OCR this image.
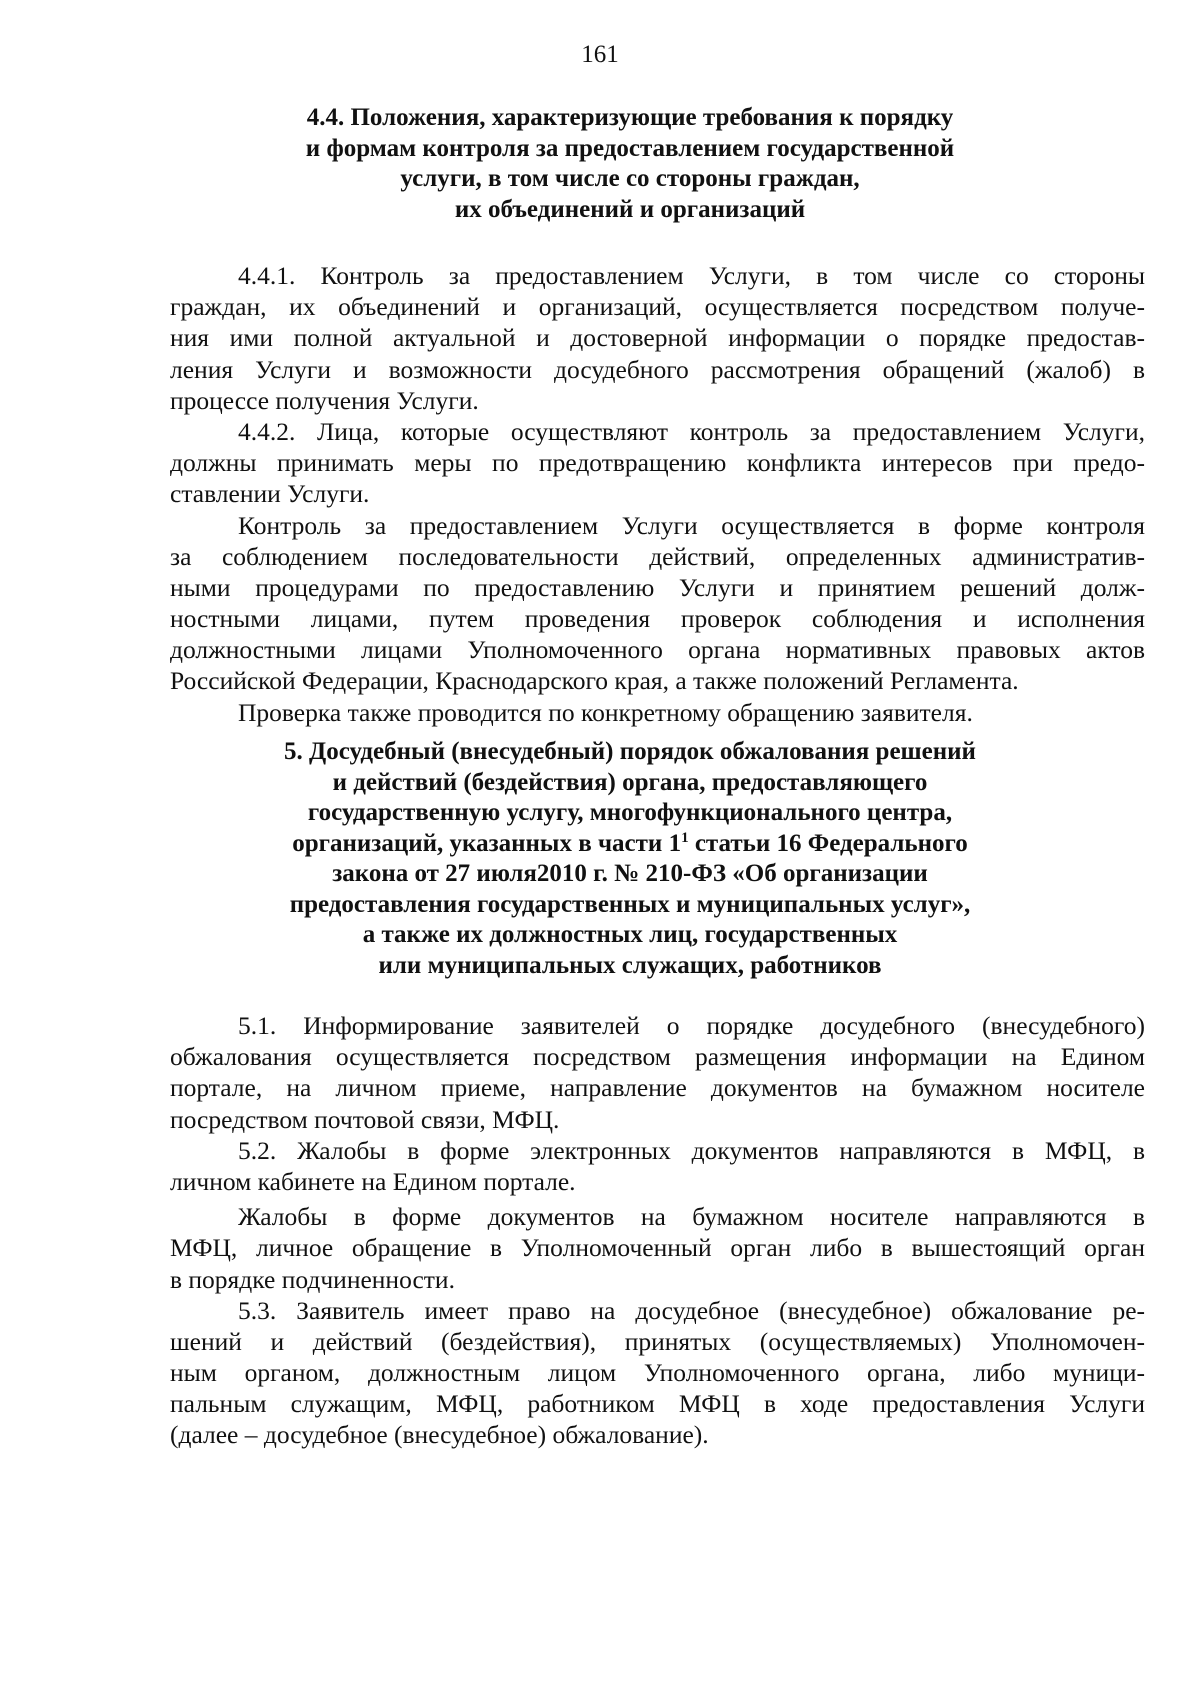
161
4.4. Положения, характеризующие требования к порядку
и формам контроля за предоставлением государственной
услуги, в том числе со стороны граждан,
их объединений и организаций
4.4.1. Контроль за предоставлением Услуги, в том числе со стороны
граждан, их объединений и организаций, осуществляется посредством получе-
ния ими полной актуальной и достоверной информации о порядке предостав-
ления Услуги и возможности досудебного рассмотрения обращений (жалоб) в
процессе получения Услуги.
4.4.2. Лица, которые осуществляют контроль за предоставлением Услуги,
должны принимать меры по предотвращению конфликта интересов при предо-
ставлении Услуги.
Контроль за предоставлением Услуги осуществляется в форме контроля
за соблюдением последовательности действий, определенных административ-
ными процедурами по предоставлению Услуги и принятием решений долж-
ностными лицами, путем проведения проверок соблюдения и исполнения
должностными лицами Уполномоченного органа нормативных правовых актов
Российской Федерации, Краснодарского края, а также положений Регламента.
Проверка также проводится по конкретному обращению заявителя.
5. Досудебный (внесудебный) порядок обжалования решений
и действий (бездействия) органа, предоставляющего
государственную услугу, многофункционального центра,
организаций, указанных в части $1^1$ статьи 16 Федерального
закона от 27 июля2010 г. № 210-ФЗ «Об организации
предоставления государственных и муниципальных услуг»,
а также их должностных лиц, государственных
или муниципальных служащих, работников
5.1. Информирование заявителей о порядке досудебного (внесудебного)
обжалования осуществляется посредством размещения информации на Едином
портале, на личном приеме, направление документов на бумажном носителе
посредством почтовой связи, МФЦ.
5.2. Жалобы в форме электронных документов направляются в МФЦ, в
личном кабинете на Едином портале.
Жалобы в форме документов на бумажном носителе направляются в
МФЦ, личное обращение в Уполномоченный орган либо в вышестоящий орган
в порядке подчиненности.
5.3. Заявитель имеет право на досудебное (внесудебное) обжалование ре-
шений и действий (бездействия), принятых (осуществляемых) Уполномочен-
ным органом, должностным лицом Уполномоченного органа, либо муници-
пальным служащим, МФЦ, работником МФЦ в ходе предоставления Услуги
(далее – досудебное (внесудебное) обжалование).
